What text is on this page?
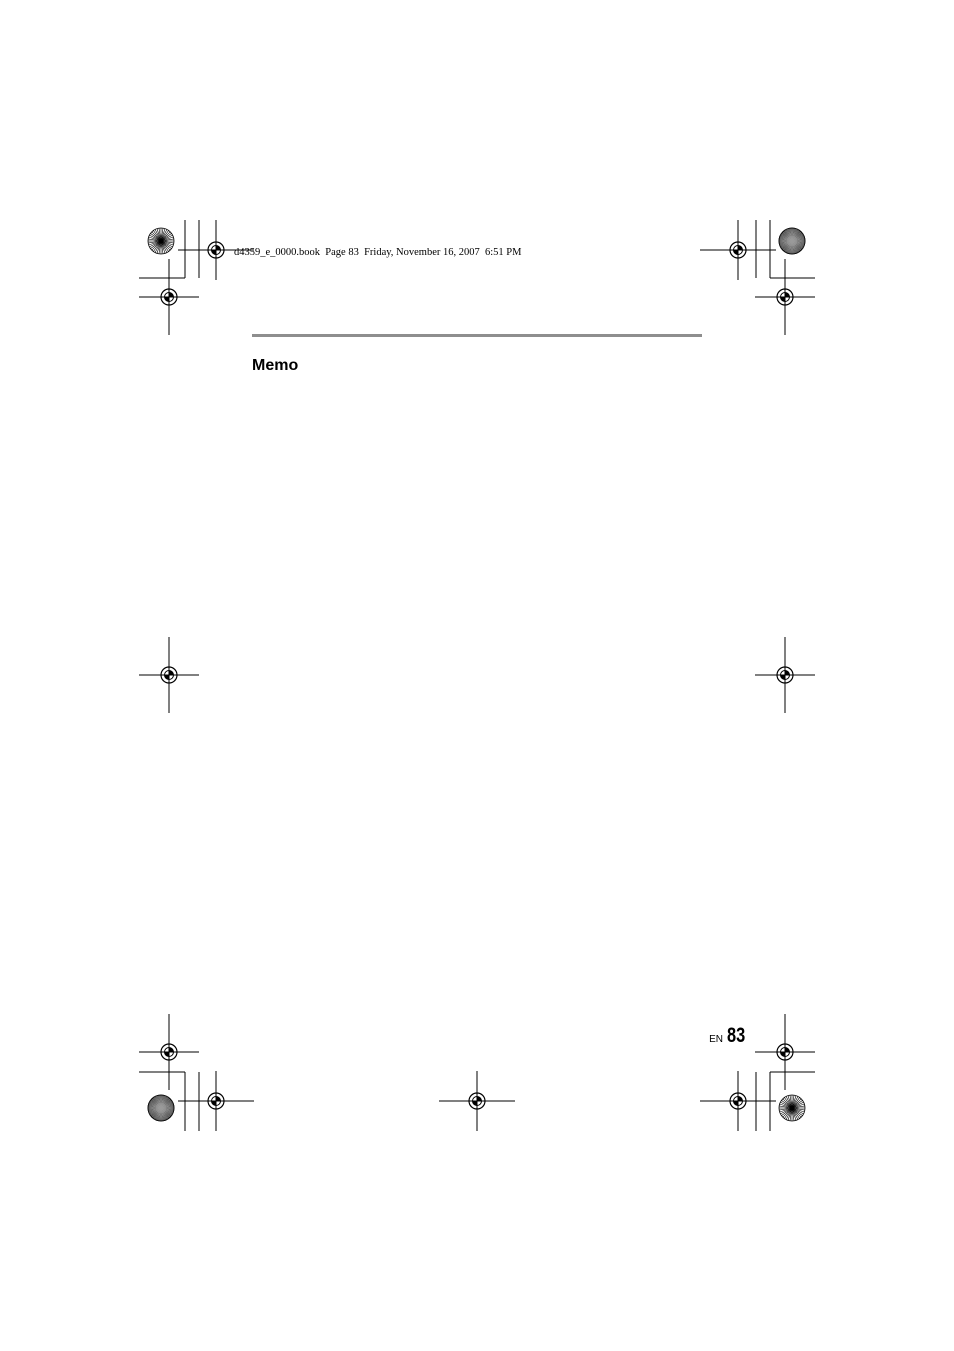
d4359_e_0000.book  Page 83  Friday, November 16, 2007  6:51 PM
Memo
EN 83
